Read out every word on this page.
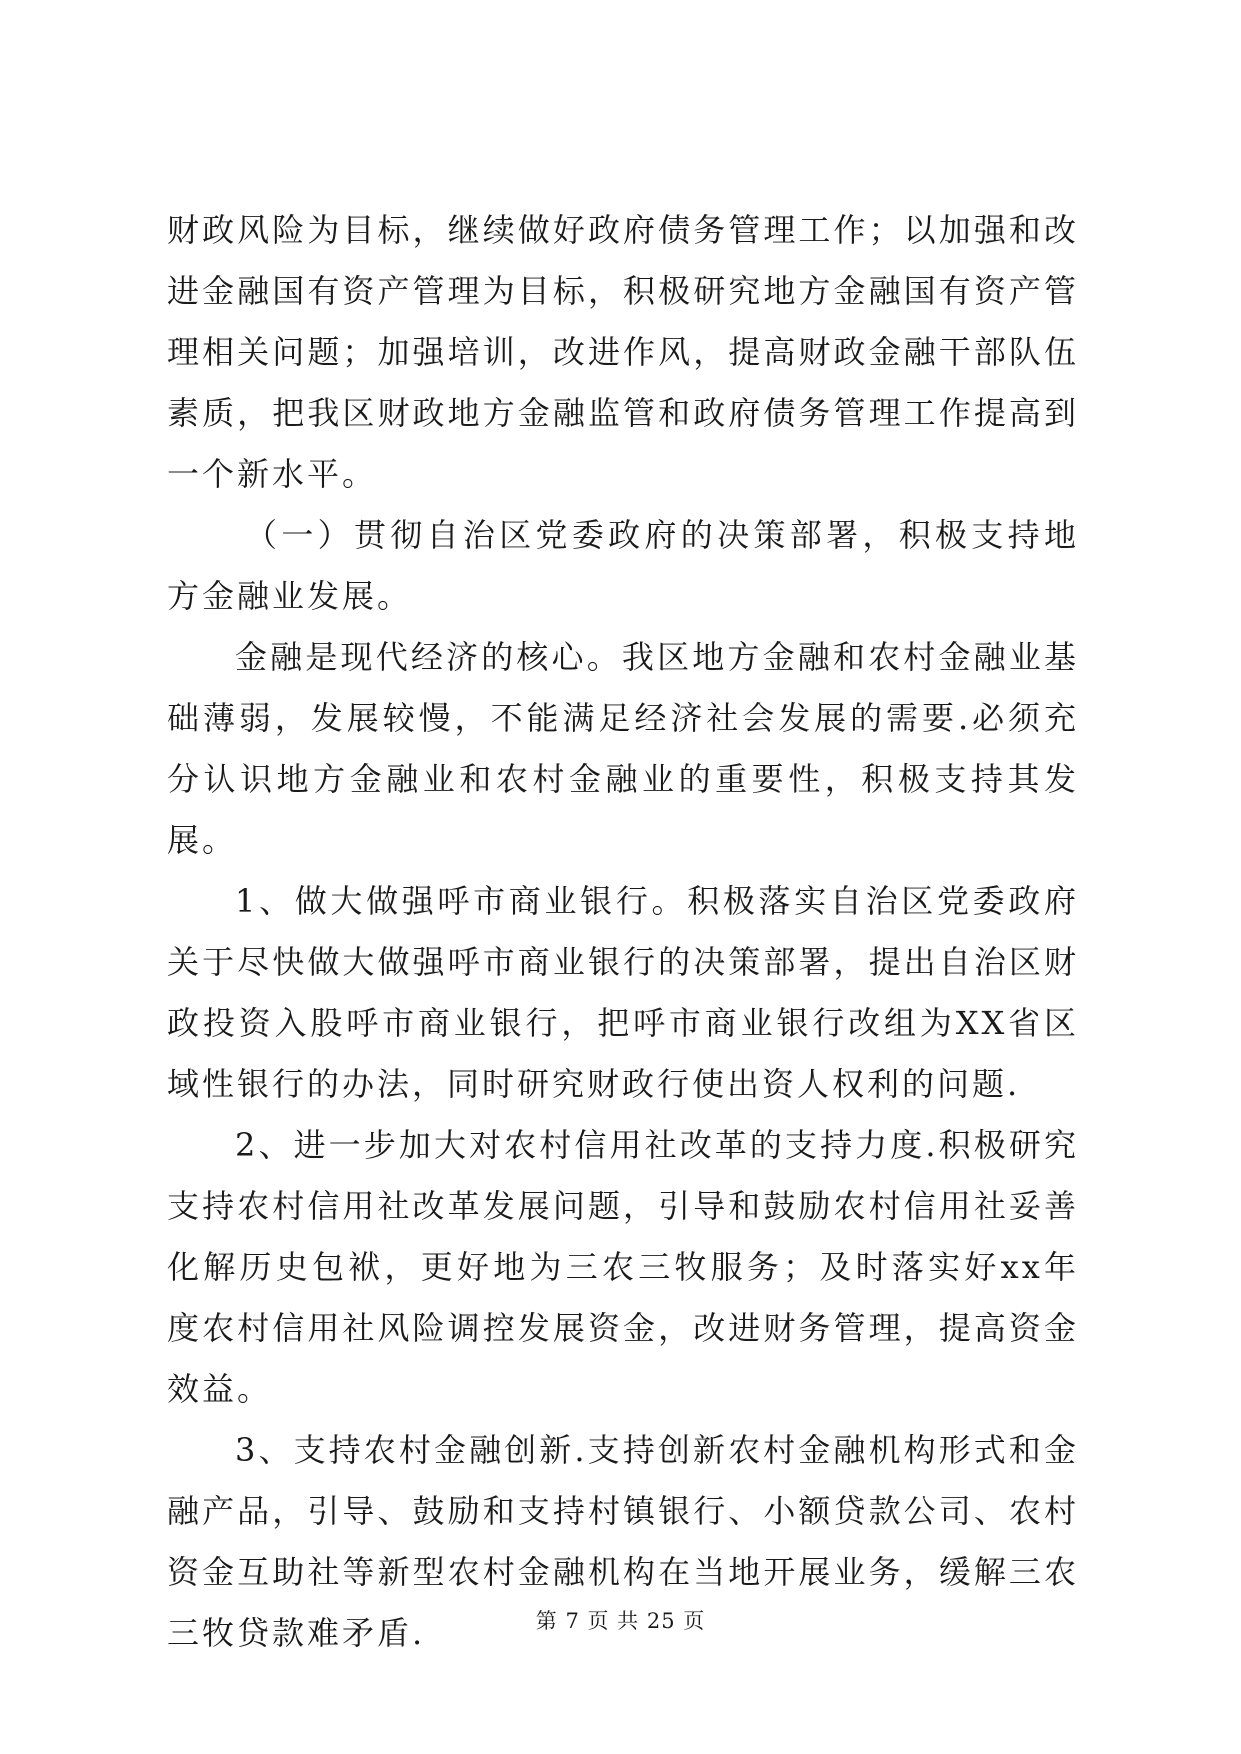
财政风险为目标，继续做好政府债务管理工作；以加强和改进金融国有资产管理为目标，积极研究地方金融国有资产管理相关问题；加强培训，改进作风，提高财政金融干部队伍素质，把我区财政地方金融监管和政府债务管理工作提高到一个新水平。

（一）贯彻自治区党委政府的决策部署，积极支持地方金融业发展。

金融是现代经济的核心。我区地方金融和农村金融业基础薄弱，发展较慢，不能满足经济社会发展的需要.必须充分认识地方金融业和农村金融业的重要性，积极支持其发展。

1、做大做强呼市商业银行。积极落实自治区党委政府关于尽快做大做强呼市商业银行的决策部署，提出自治区财政投资入股呼市商业银行，把呼市商业银行改组为XX省区域性银行的办法，同时研究财政行使出资人权利的问题.

2、进一步加大对农村信用社改革的支持力度.积极研究支持农村信用社改革发展问题，引导和鼓励农村信用社妥善化解历史包袱，更好地为三农三牧服务；及时落实好xx年度农村信用社风险调控发展资金，改进财务管理，提高资金效益。

3、支持农村金融创新.支持创新农村金融机构形式和金融产品，引导、鼓励和支持村镇银行、小额贷款公司、农村资金互助社等新型农村金融机构在当地开展业务，缓解三农三牧贷款难矛盾.	第 7 页 共 25 页
